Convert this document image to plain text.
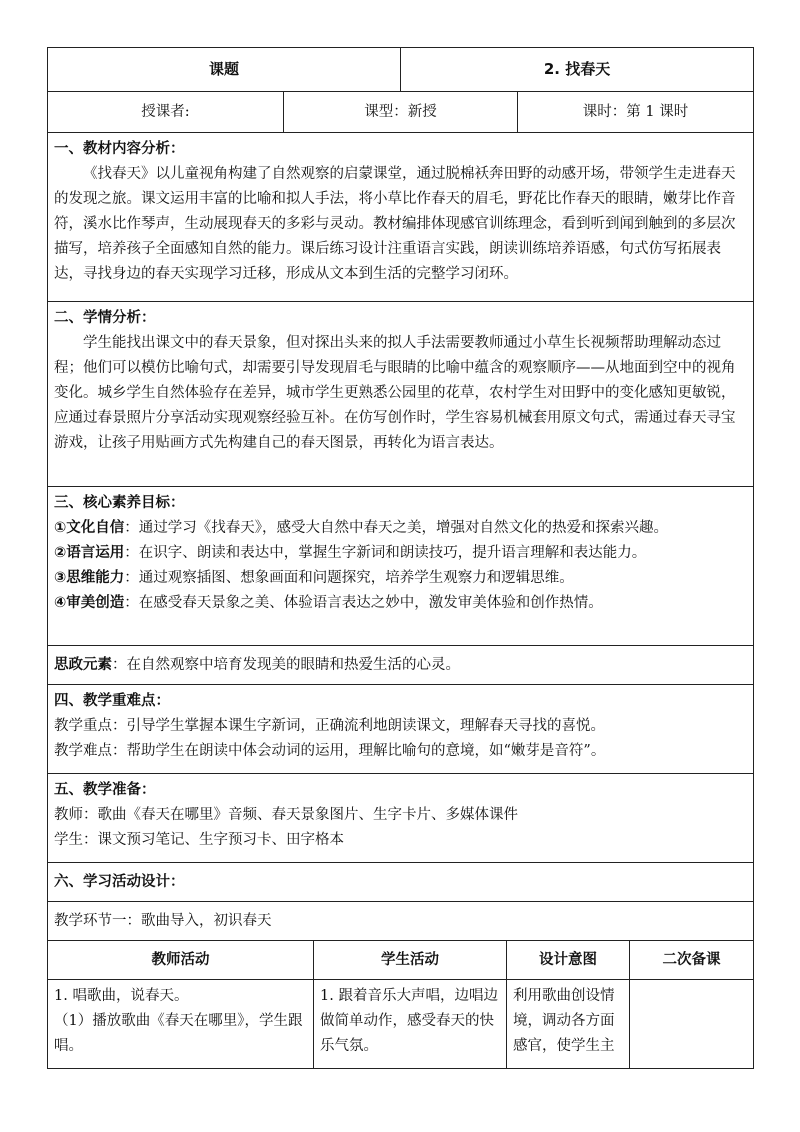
课题		2. 找春天	
授课者:	课型：新授		课时：第 1 课时

一、教材内容分析：

《找春天》以儿童视角构建了自然观察的启蒙课堂，通过脱棉袄奔田野的动感开场，带领学生走进春天的发现之旅。课文运用丰富的比喻和拟人手法，将小草比作春天的眉毛，野花比作春天的眼睛，嫩芽比作音符，溪水比作琴声，生动展现春天的多彩与灵动。教材编排体现感官训练理念，看到听到闻到触到的多层次描写，培养孩子全面感知自然的能力。课后练习设计注重语言实践，朗读训练培养语感，句式仿写拓展表达，寻找身边的春天实现学习迁移，形成从文本到生活的完整学习闭环。			

二、学情分析：

学生能找出课文中的春天景象，但对探出头来的拟人手法需要教师通过小草生长视频帮助理解动态过程；他们可以模仿比喻句式，却需要引导发现眉毛与眼睛的比喻中蕴含的观察顺序——从地面到空中的视角变化。城乡学生自然体验存在差异，城市学生更熟悉公园里的花草，农村学生对田野中的变化感知更敏锐，应通过春景照片分享活动实现观察经验互补。在仿写创作时，学生容易机械套用原文句式，需通过春天寻宝游戏，让孩子用贴画方式先构建自己的春天图景，再转化为语言表达。			

三、核心素养目标：

①文化自信：通过学习《找春天》，感受大自然中春天之美，增强对自然文化的热爱和探索兴趣。

②语言运用：在识字、朗读和表达中，掌握生字新词和朗读技巧，提升语言理解和表达能力。

③思维能力：通过观察插图、想象画面和问题探究，培养学生观察力和逻辑思维。

④审美创造：在感受春天景象之美、体验语言表达之妙中，激发审美体验和创作热情。			

思政元素：在自然观察中培育发现美的眼睛和热爱生活的心灵。			

四、教学重难点：

教学重点：引导学生掌握本课生字新词，正确流利地朗读课文，理解春天寻找的喜悦。

教学难点：帮助学生在朗读中体会动词的运用，理解比喻句的意境，如“嫩芽是音符”。			

五、教学准备：

教师：歌曲《春天在哪里》音频、春天景象图片、生字卡片、多媒体课件

学生：课文预习笔记、生字预习卡、田字格本			

六、学习活动设计：			
教学环节一：歌曲导入，初识春天			
教师活动	学生活动	设计意图	二次备课

1. 唱歌曲，说春天。

（1）播放歌曲《春天在哪里》，学生跟唱。	1. 跟着音乐大声唱，边唱边做简单动作，感受春天的快乐气氛。	利用歌曲创设情境，调动各方面感官，使学生主	
